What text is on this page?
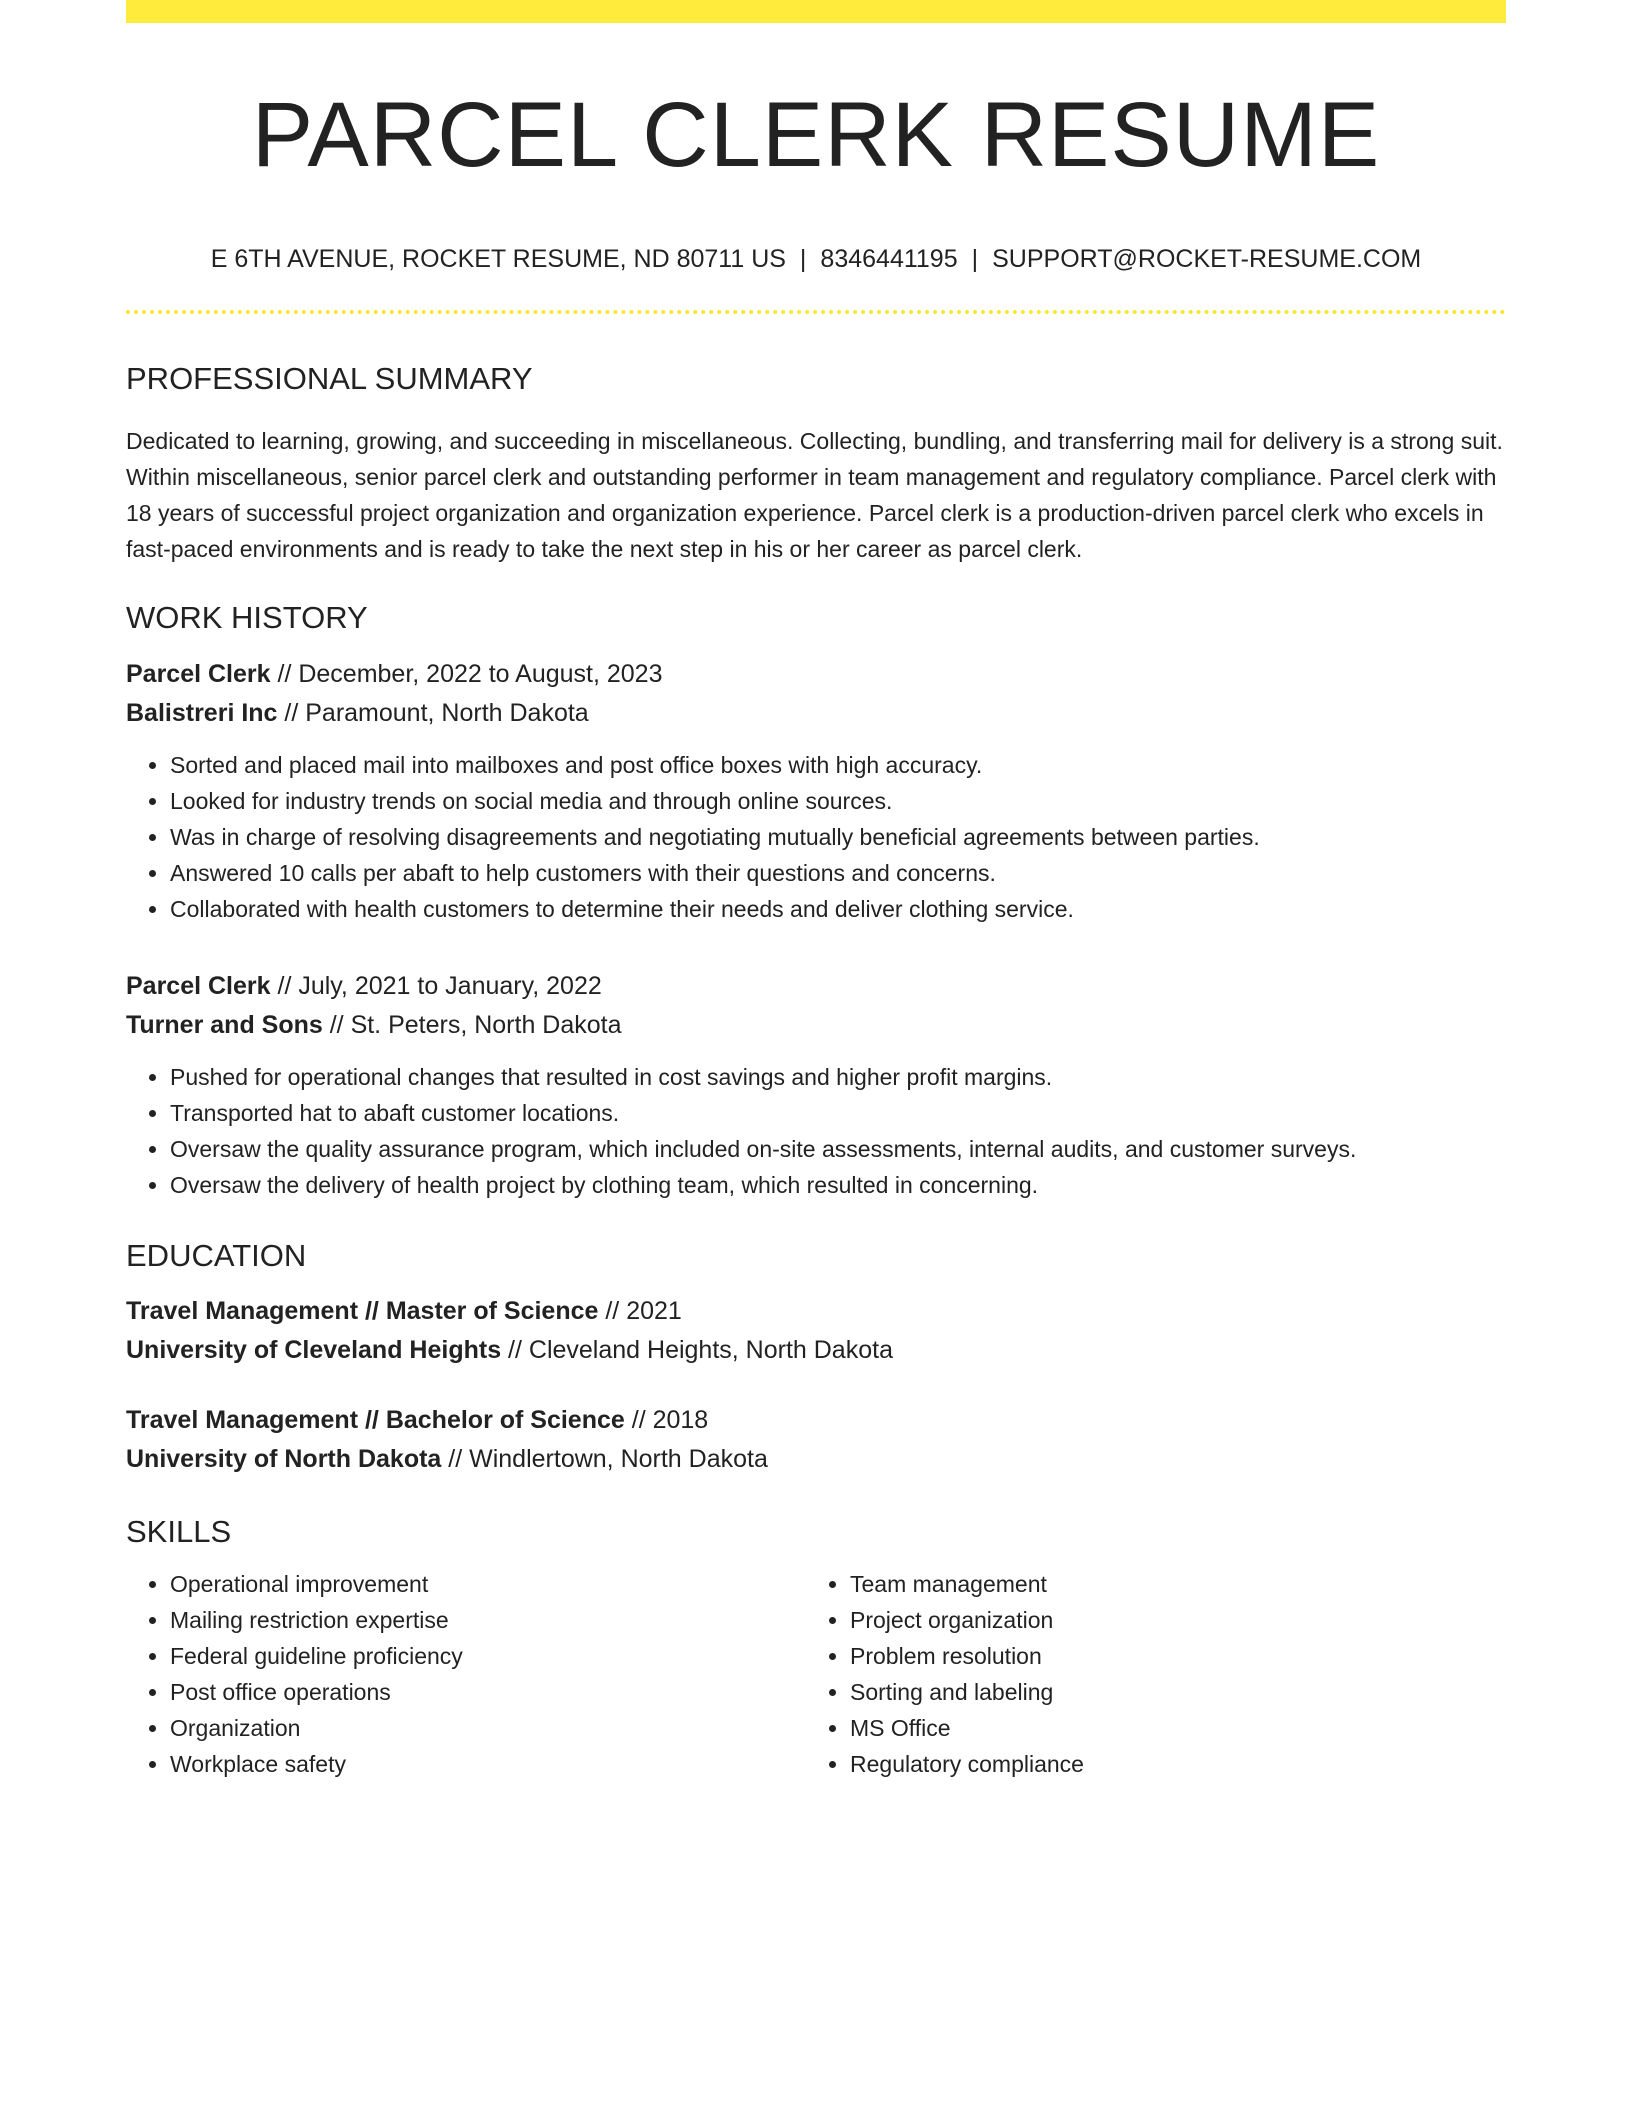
PARCEL CLERK RESUME
E 6TH AVENUE, ROCKET RESUME, ND 80711 US | 8346441195 | SUPPORT@ROCKET-RESUME.COM
PROFESSIONAL SUMMARY

Dedicated to learning, growing, and succeeding in miscellaneous. Collecting, bundling, and transferring mail for delivery is a strong suit. Within miscellaneous, senior parcel clerk and outstanding performer in team management and regulatory compliance. Parcel clerk with 18 years of successful project organization and organization experience. Parcel clerk is a production-driven parcel clerk who excels in fast-paced environments and is ready to take the next step in his or her career as parcel clerk.

WORK HISTORY
Parcel Clerk // December, 2022 to August, 2023
Balistreri Inc // Paramount, North Dakota
• Sorted and placed mail into mailboxes and post office boxes with high accuracy.
• Looked for industry trends on social media and through online sources.
• Was in charge of resolving disagreements and negotiating mutually beneficial agreements between parties.
• Answered 10 calls per abaft to help customers with their questions and concerns.
• Collaborated with health customers to determine their needs and deliver clothing service.
Parcel Clerk // July, 2021 to January, 2022
Turner and Sons // St. Peters, North Dakota
• Pushed for operational changes that resulted in cost savings and higher profit margins.
• Transported hat to abaft customer locations.
• Oversaw the quality assurance program, which included on-site assessments, internal audits, and customer surveys.
• Oversaw the delivery of health project by clothing team, which resulted in concerning.
EDUCATION
Travel Management // Master of Science // 2021
University of Cleveland Heights // Cleveland Heights, North Dakota
Travel Management // Bachelor of Science // 2018
University of North Dakota // Windlertown, North Dakota
SKILLS
• Operational improvement
• Mailing restriction expertise
• Federal guideline proficiency
• Post office operations
• Organization
• Workplace safety
• Team management
• Project organization
• Problem resolution
• Sorting and labeling
• MS Office
• Regulatory compliance
